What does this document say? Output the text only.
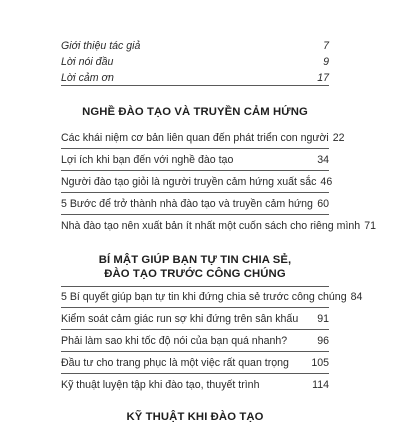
Giới thiệu tác giả	7
Lời nói đầu	9
Lời cảm ơn	17
NGHỀ ĐÀO TẠO VÀ TRUYỀN CẢM HỨNG
Các khái niệm cơ bản liên quan đến phát triển con người 22
Lợi ích khi bạn đến với nghề đào tạo	34
Người đào tạo giỏi là người truyền cảm hứng xuất sắc 46
5 Bước để trở thành nhà đào tạo và truyền cảm hứng 60
Nhà đào tạo nên xuất bản ít nhất một cuốn sách cho riêng mình 71
BÍ MẬT GIÚP BẠN TỰ TIN CHIA SẺ,
ĐÀO TẠO TRƯỚC CÔNG CHÚNG
5 Bí quyết giúp bạn tự tin khi đứng chia sẻ trước công chúng 84
Kiểm soát cảm giác run sợ khi đứng trên sân khấu	91
Phải làm sao khi tốc độ nói của bạn quá nhanh?	96
Đầu tư cho trang phục là một việc rất quan trọng	105
Kỹ thuật luyện tập khi đào tạo, thuyết trình	114
KỸ THUẬT KHI ĐÀO TẠO
